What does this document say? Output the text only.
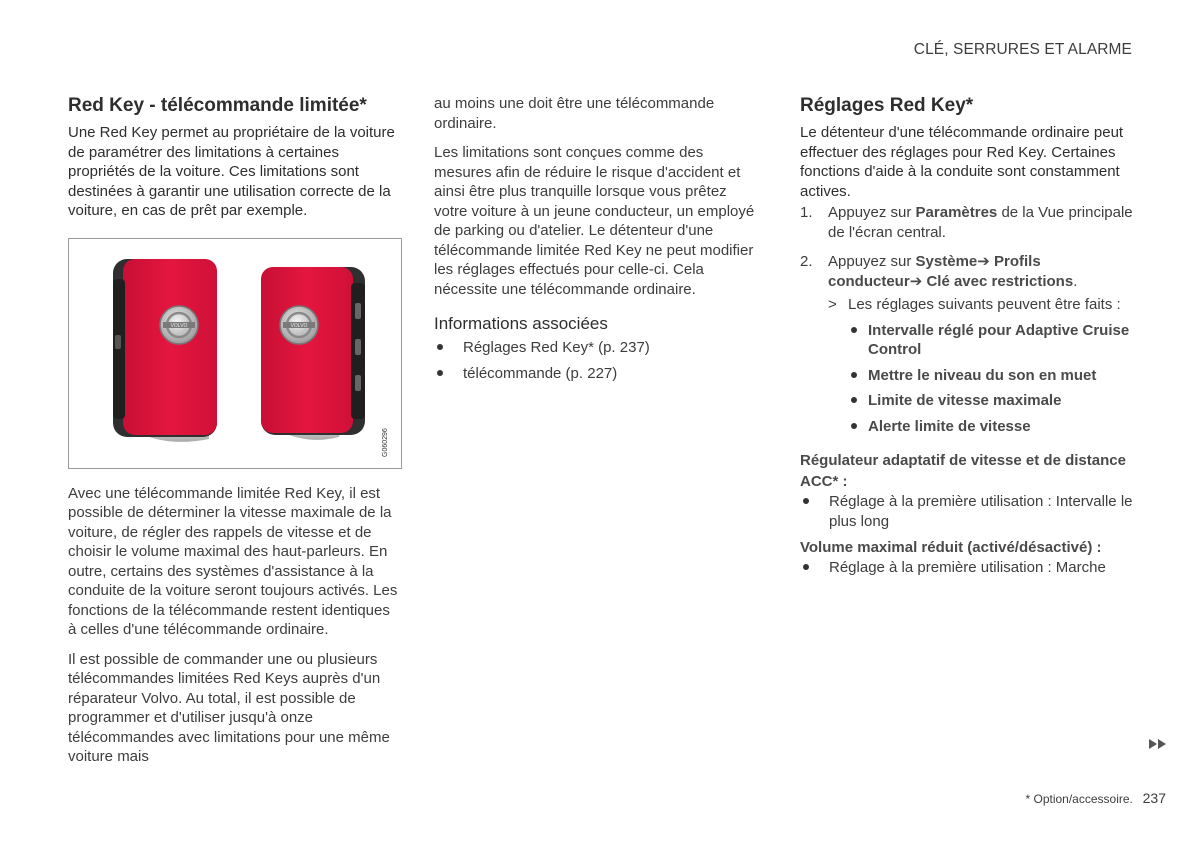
CLÉ, SERRURES ET ALARME
Red Key - télécommande limitée*

Une Red Key permet au propriétaire de la voiture de paramétrer des limitations à certaines propriétés de la voiture. Ces limitations sont destinées à garantir une utilisation correcte de la voiture, en cas de prêt par exemple.

VOLVO	VOLVO
G060296

Avec une télécommande limitée Red Key, il est possible de déterminer la vitesse maximale de la voiture, de régler des rappels de vitesse et de choisir le volume maximal des haut-parleurs. En outre, certains des systèmes d'assistance à la conduite de la voiture seront toujours activés. Les fonctions de la télécommande restent identiques à celles d'une télécommande ordinaire.

Il est possible de commander une ou plusieurs télécommandes limitées Red Keys auprès d'un réparateur Volvo. Au total, il est possible de programmer et d'utiliser jusqu'à onze télécommandes avec limitations pour une même voiture mais

au moins une doit être une télécommande ordinaire.

Les limitations sont conçues comme des mesures afin de réduire le risque d'accident et ainsi être plus tranquille lorsque vous prêtez votre voiture à un jeune conducteur, un employé de parking ou d'atelier. Le détenteur d'une télécommande limitée Red Key ne peut modifier les réglages effectués pour celle-ci. Cela nécessite une télécommande ordinaire.

Informations associées
Réglages Red Key* (p. 237)
télécommande (p. 227)
Réglages Red Key*

Le détenteur d'une télécommande ordinaire peut effectuer des réglages pour Red Key. Certaines fonctions d'aide à la conduite sont constamment actives.

1. Appuyez sur Paramètres de la Vue principale de l'écran central.
2. Appuyez sur Système➔ Profils conducteur➔ Clé avec restrictions.
> Les réglages suivants peuvent être faits :
Intervalle réglé pour Adaptive Cruise Control
Mettre le niveau du son en muet
Limite de vitesse maximale
Alerte limite de vitesse
Régulateur adaptatif de vitesse et de distance ACC* :
Réglage à la première utilisation : Intervalle le plus long
Volume maximal réduit (activé/désactivé) :
Réglage à la première utilisation : Marche
* Option/accessoire. 237
